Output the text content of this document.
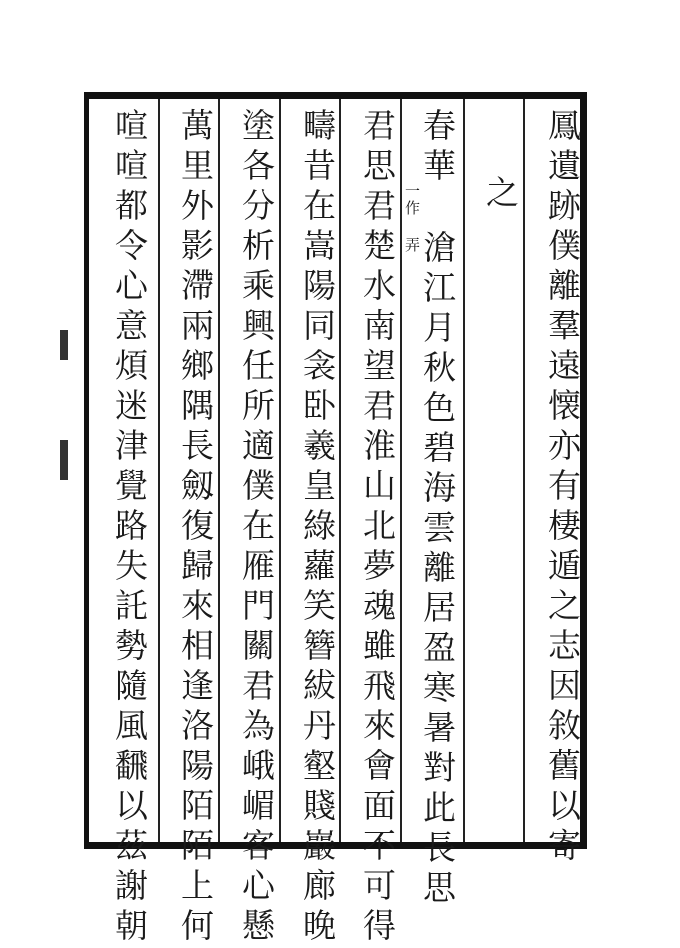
鳳遺跡僕離羣遠懐亦有棲遁之志因敘舊以寄
之
春華
一作 弄
滄江月秋色碧海雲離居盈寒暑對此長思
君思君楚水南望君淮山北夢魂雖飛來會面不可得
疇昔在嵩陽同衾卧羲皇綠蘿笑簪紱丹壑賤巖廊晚
塗各分析乘興任所適僕在雁門關君為峨嵋客心懸
萬里外影滯兩鄉隅長劔復歸來相逢洛陽陌陌上何
喧喧都令心意煩迷津覺路失託勢隨風飜以茲謝朝
